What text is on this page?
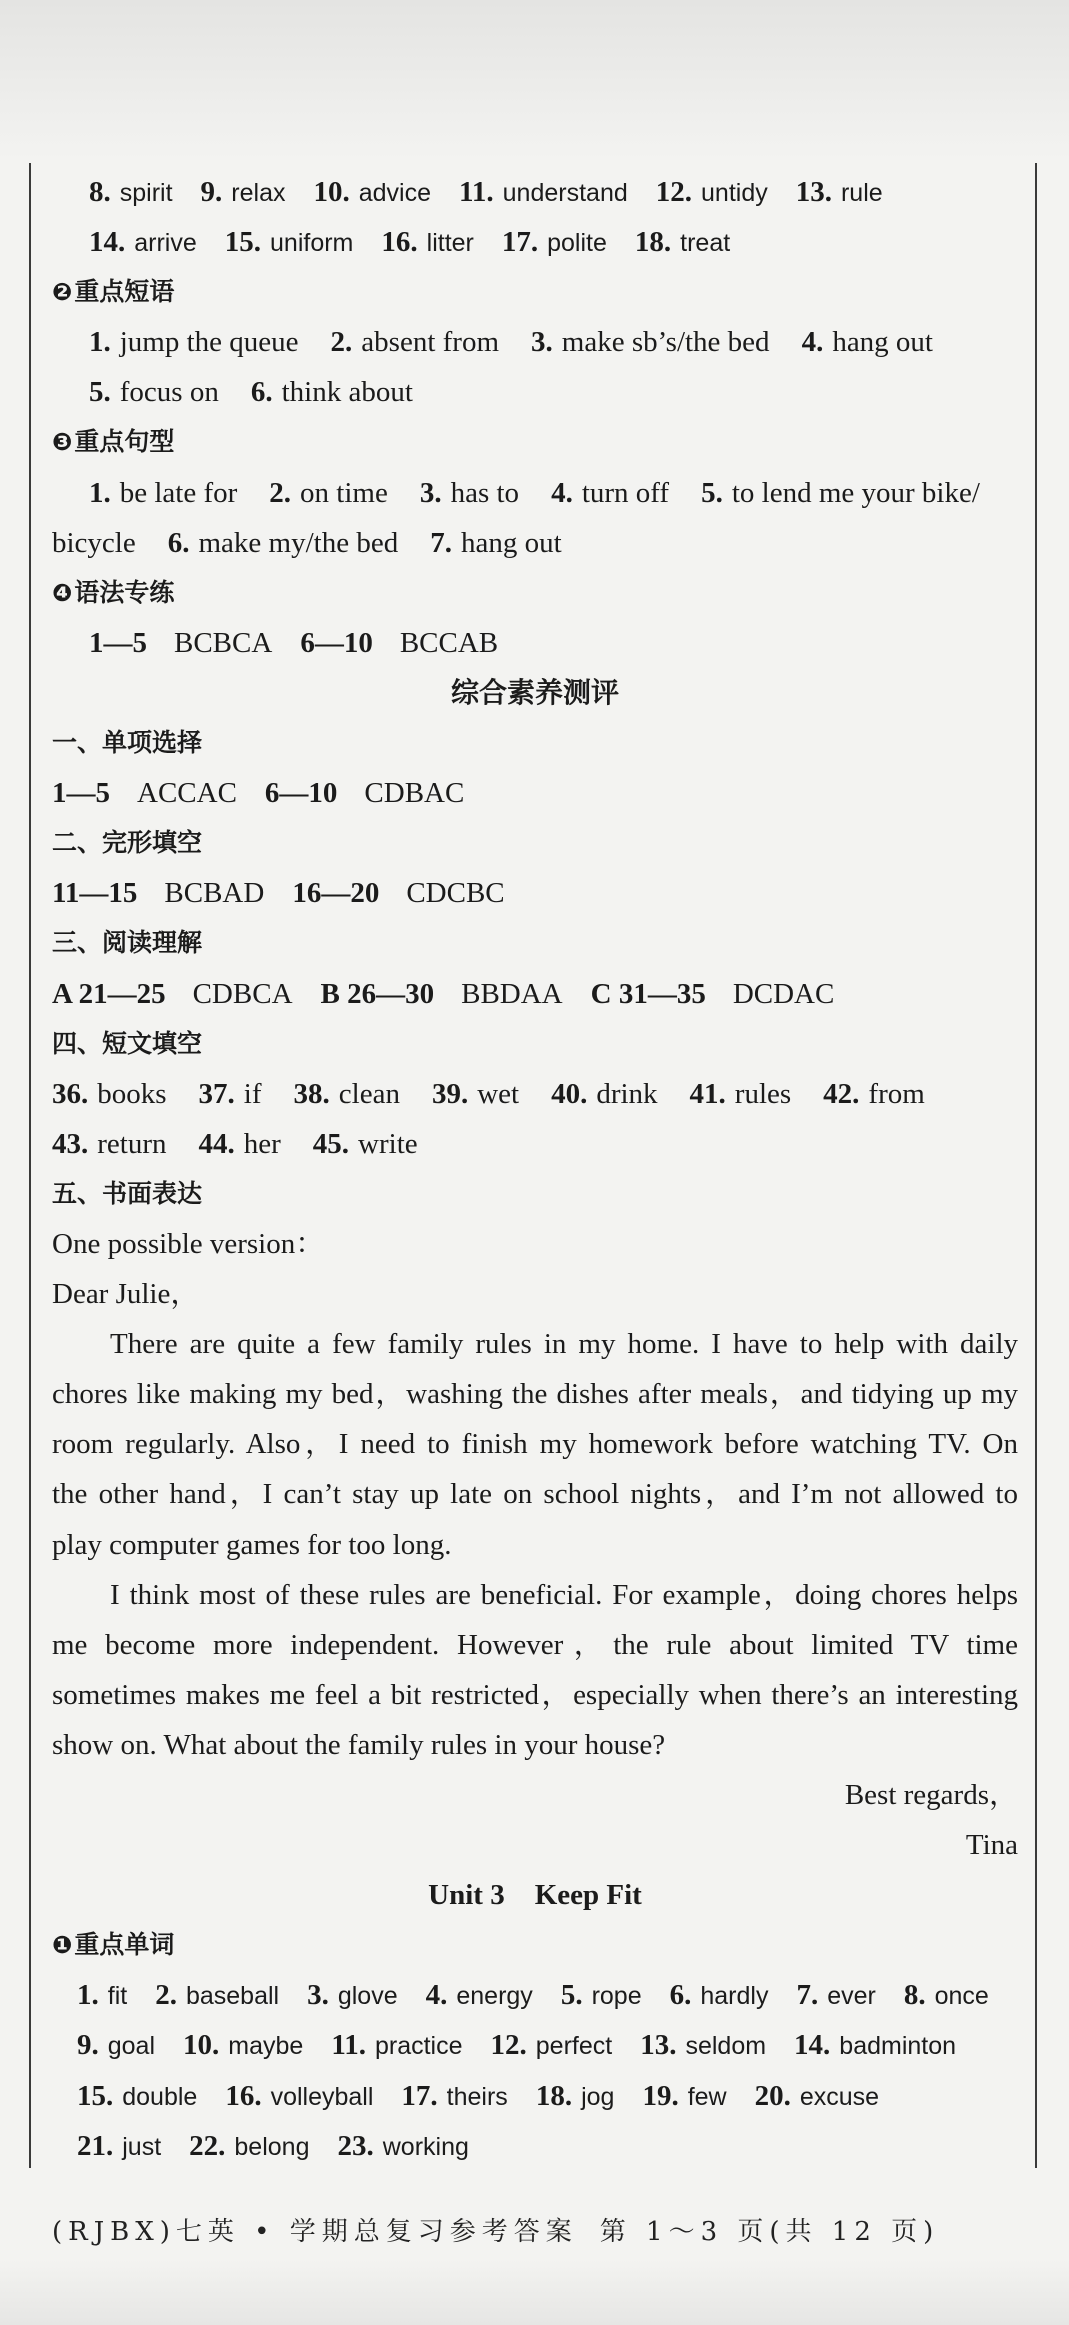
8. spirit 9. relax 10. advice 11. understand 12. untidy 13. rule
14. arrive 15. uniform 16. litter 17. polite 18. treat
❷重点短语
1. jump the queue 2. absent from 3. make sb’s/the bed 4. hang out
5. focus on 6. think about
❸重点句型
1. be late for 2. on time 3. has to 4. turn off 5. to lend me your bike/
bicycle 6. make my/the bed 7. hang out
❹语法专练
1—5 BCBCA 6—10 BCCAB
综合素养测评
一、单项选择
1—5 ACCAC 6—10 CDBAC
二、完形填空
11—15 BCBAD 16—20 CDCBC
三、阅读理解
A 21—25 CDBCA B 26—30 BBDAA C 31—35 DCDAC
四、短文填空
36. books 37. if 38. clean 39. wet 40. drink 41. rules 42. from
43. return 44. her 45. write
五、书面表达
One possible version：
Dear Julie，
There are quite a few family rules in my home. I have to help with daily
chores like making my bed，washing the dishes after meals，and tidying up my
room regularly. Also，I need to finish my homework before watching TV. On
the other hand，I can’t stay up late on school nights，and I’m not allowed to
play computer games for too long.
I think most of these rules are beneficial. For example，doing chores helps
me become more independent. However，the rule about limited TV time
sometimes makes me feel a bit restricted，especially when there’s an interesting
show on. What about the family rules in your house?
Best regards，
Tina
Unit 3 Keep Fit
❶重点单词
1. fit 2. baseball 3. glove 4. energy 5. rope 6. hardly 7. ever 8. once
9. goal 10. maybe 11. practice 12. perfect 13. seldom 14. badminton
15. double 16. volleyball 17. theirs 18. jog 19. few 20. excuse
21. just 22. belong 23. working
(RJBX)七英 • 学期总复习参考答案 第 1～3 页(共 12 页)
